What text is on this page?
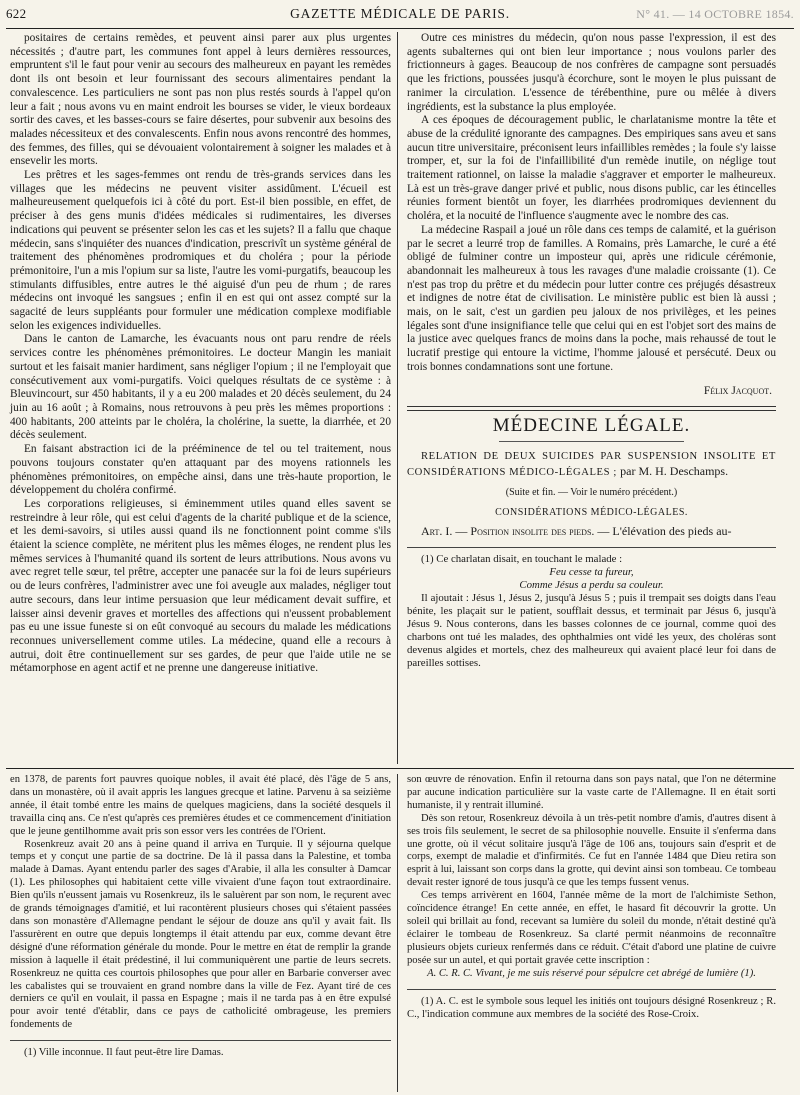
622	GAZETTE MÉDICALE DE PARIS.	N° 41. — 14 OCTOBRE 1854.

positaires de certains remèdes, et peuvent ainsi parer aux plus urgentes nécessités ; d'autre part, les communes font appel à leurs dernières ressources, empruntent s'il le faut pour venir au secours des malheureux en payant les remèdes dont ils ont besoin et leur fournissant des secours alimentaires pendant la convalescence. Les particuliers ne sont pas non plus restés sourds à l'appel qu'on leur a fait ; nous avons vu en maint endroit les bourses se vider, le vieux bordeaux sortir des caves, et les basses-cours se faire désertes, pour subvenir aux besoins des malades nécessiteux et des convalescents. Enfin nous avons rencontré des hommes, des femmes, des filles, qui se dévouaient volontairement à soigner les malades et à ensevelir les morts.

Les prêtres et les sages-femmes ont rendu de très-grands services dans les villages que les médecins ne peuvent visiter assidûment. L'écueil est malheureusement quelquefois ici à côté du port. Est-il bien possible, en effet, de préciser à des gens munis d'idées médicales si rudimentaires, les diverses indications qui peuvent se présenter selon les cas et les sujets? Il a fallu que chaque médecin, sans s'inquiéter des nuances d'indication, prescrivît un système général de traitement des phénomènes prodromiques et du choléra ; pour la période prémonitoire, l'un a mis l'opium sur sa liste, l'autre les vomi-purgatifs, beaucoup les stimulants diffusibles, entre autres le thé aiguisé d'un peu de rhum ; de rares médecins ont invoqué les sangsues ; enfin il en est qui ont assez compté sur la sagacité de leurs suppléants pour formuler une médication complexe modifiable selon les exigences individuelles.

Dans le canton de Lamarche, les évacuants nous ont paru rendre de réels services contre les phénomènes prémonitoires. Le docteur Mangin les maniait surtout et les faisait manier hardiment, sans négliger l'opium ; il ne l'employait que consécutivement aux vomi-purgatifs. Voici quelques résultats de ce système : à Bleuvincourt, sur 450 habitants, il y a eu 200 malades et 20 décès seulement, du 24 juin au 16 août ; à Romains, nous retrouvons à peu près les mêmes proportions : 400 habitants, 200 atteints par le choléra, la cholérine, la suette, la diarrhée, et 20 décès seulement.

En faisant abstraction ici de la prééminence de tel ou tel traitement, nous pouvons toujours constater qu'en attaquant par des moyens rationnels les phénomènes prémonitoires, on empêche ainsi, dans une très-haute proportion, le développement du choléra confirmé.

Les corporations religieuses, si éminemment utiles quand elles savent se restreindre à leur rôle, qui est celui d'agents de la charité publique et de la science, et les demi-savoirs, si utiles aussi quand ils ne fonctionnent point comme s'ils étaient la science complète, ne méritent plus les mêmes éloges, ne rendent plus les mêmes services à l'humanité quand ils sortent de leurs attributions. Nous avons vu avec regret telle sœur, tel prêtre, accepter une panacée sur la foi de leurs supérieurs ou de leurs confrères, l'administrer avec une foi aveugle aux malades, négliger tout autre secours, dans leur intime persuasion que leur médicament devait suffire, et laisser ainsi devenir graves et mortelles des affections qui n'eussent probablement pas eu une issue funeste si on eût convoqué au secours du malade les médications reconnues universellement comme utiles. La médecine, quand elle a recours à autrui, doit être continuellement sur ses gardes, de peur que l'aide utile ne se métamorphose en agent actif et ne prenne une dangereuse initiative.

Outre ces ministres du médecin, qu'on nous passe l'expression, il est des agents subalternes qui ont bien leur importance ; nous voulons parler des frictionneurs à gages. Beaucoup de nos confrères de campagne sont persuadés que les frictions, poussées jusqu'à écorchure, sont le moyen le plus puissant de ranimer la circulation. L'essence de térébenthine, pure ou mêlée à divers ingrédients, est la substance la plus employée.

A ces époques de découragement public, le charlatanisme montre la tête et abuse de la crédulité ignorante des campagnes. Des empiriques sans aveu et sans aucun titre universitaire, préconisent leurs infaillibles remèdes ; la foule s'y laisse tromper, et, sur la foi de l'infaillibilité d'un remède inutile, on néglige tout traitement rationnel, on laisse la maladie s'aggraver et emporter le malheureux. Là est un très-grave danger privé et public, nous disons public, car les étincelles réunies forment bientôt un foyer, les diarrhées prodromiques deviennent du choléra, et la nocuité de l'influence s'augmente avec le nombre des cas.

La médecine Raspail a joué un rôle dans ces temps de calamité, et la guérison par le secret a leurré trop de familles. A Romains, près Lamarche, le curé a été obligé de fulminer contre un imposteur qui, après une ridicule cérémonie, abandonnait les malheureux à tous les ravages d'une maladie croissante (1). Ce n'est pas trop du prêtre et du médecin pour lutter contre ces préjugés désastreux et indignes de notre état de civilisation. Le ministère public est bien là aussi ; mais, on le sait, c'est un gardien peu jaloux de nos privilèges, et les peines légales sont d'une insignifiance telle que celui qui en est l'objet sort des mains de la justice avec quelques francs de moins dans la poche, mais rehaussé de tout le lucratif prestige qui entoure la victime, l'homme jalousé et persécuté. Deux ou trois bonnes condamnations sont une fortune.

Félix Jacquot.

MÉDECINE LÉGALE.
RELATION DE DEUX SUICIDES PAR SUSPENSION INSOLITE ET CONSIDÉRATIONS MÉDICO-LÉGALES ; par M. H. Deschamps.

(Suite et fin. — Voir le numéro précédent.)

CONSIDÉRATIONS MÉDICO-LÉGALES.

Art. I. — Position insolite des pieds. — L'élévation des pieds au-

(1) Ce charlatan disait, en touchant le malade :

Feu cesse ta fureur,

Comme Jésus a perdu sa couleur.

Il ajoutait : Jésus 1, Jésus 2, jusqu'à Jésus 5 ; puis il trempait ses doigts dans l'eau bénite, les plaçait sur le patient, soufflait dessus, et terminait par Jésus 6, jusqu'à Jésus 9. Nous conterons, dans les basses colonnes de ce journal, comme quoi des charbons ont tué les malades, des ophthalmies ont vidé les yeux, des choléras sont devenus algides et mortels, chez des malheureux qui avaient placé leur foi dans de pareilles sottises.

en 1378, de parents fort pauvres quoique nobles, il avait été placé, dès l'âge de 5 ans, dans un monastère, où il avait appris les langues grecque et latine. Parvenu à sa seizième année, il était tombé entre les mains de quelques magiciens, dans la société desquels il travailla cinq ans. Ce n'est qu'après ces premières études et ce commencement d'initiation que le jeune gentilhomme avait pris son essor vers les contrées de l'Orient.

Rosenkreuz avait 20 ans à peine quand il arriva en Turquie. Il y séjourna quelque temps et y conçut une partie de sa doctrine. De là il passa dans la Palestine, et tomba malade à Damas. Ayant entendu parler des sages d'Arabie, il alla les consulter à Damcar (1). Les philosophes qui habitaient cette ville vivaient d'une façon tout extraordinaire. Bien qu'ils n'eussent jamais vu Rosenkreuz, ils le saluèrent par son nom, le reçurent avec de grands témoignages d'amitié, et lui racontèrent plusieurs choses qui s'étaient passées dans son monastère d'Allemagne pendant le séjour de douze ans qu'il y avait fait. Ils l'assurèrent en outre que depuis longtemps il était attendu par eux, comme devant être désigné d'une réformation générale du monde. Pour le mettre en état de remplir la grande mission à laquelle il était prédestiné, il lui communiquèrent une partie de leurs secrets. Rosenkreuz ne quitta ces courtois philosophes que pour aller en Barbarie converser avec les cabalistes qui se trouvaient en grand nombre dans la ville de Fez. Ayant tiré de ces derniers ce qu'il en voulait, il passa en Espagne ; mais il ne tarda pas à en être expulsé pour avoir tenté d'établir, dans ce pays de catholicité ombrageuse, les premiers fondements de

(1) Ville inconnue. Il faut peut-être lire Damas.

son œuvre de rénovation. Enfin il retourna dans son pays natal, que l'on ne détermine par aucune indication particulière sur la vaste carte de l'Allemagne. Il en était sorti humaniste, il y rentrait illuminé.

Dès son retour, Rosenkreuz dévoila à un très-petit nombre d'amis, d'autres disent à ses trois fils seulement, le secret de sa philosophie nouvelle. Ensuite il s'enferma dans une grotte, où il vécut solitaire jusqu'à l'âge de 106 ans, toujours sain d'esprit et de corps, exempt de maladie et d'infirmités. Ce fut en l'année 1484 que Dieu retira son esprit à lui, laissant son corps dans la grotte, qui devint ainsi son tombeau. Ce tombeau devait rester ignoré de tous jusqu'à ce que les temps fussent venus.

Ces temps arrivèrent en 1604, l'année même de la mort de l'alchimiste Sethon, coïncidence étrange! En cette année, en effet, le hasard fit découvrir la grotte. Un soleil qui brillait au fond, recevant sa lumière du soleil du monde, n'était destiné qu'à éclairer le tombeau de Rosenkreuz. Sa clarté permit néanmoins de reconnaître plusieurs objets curieux renfermés dans ce réduit. C'était d'abord une platine de cuivre posée sur un autel, et qui portait gravée cette inscription :

A. C. R. C. Vivant, je me suis réservé pour sépulcre cet abrégé de lumière (1).

(1) A. C. est le symbole sous lequel les initiés ont toujours désigné Rosenkreuz ; R. C., l'indication commune aux membres de la société des Rose-Croix.
